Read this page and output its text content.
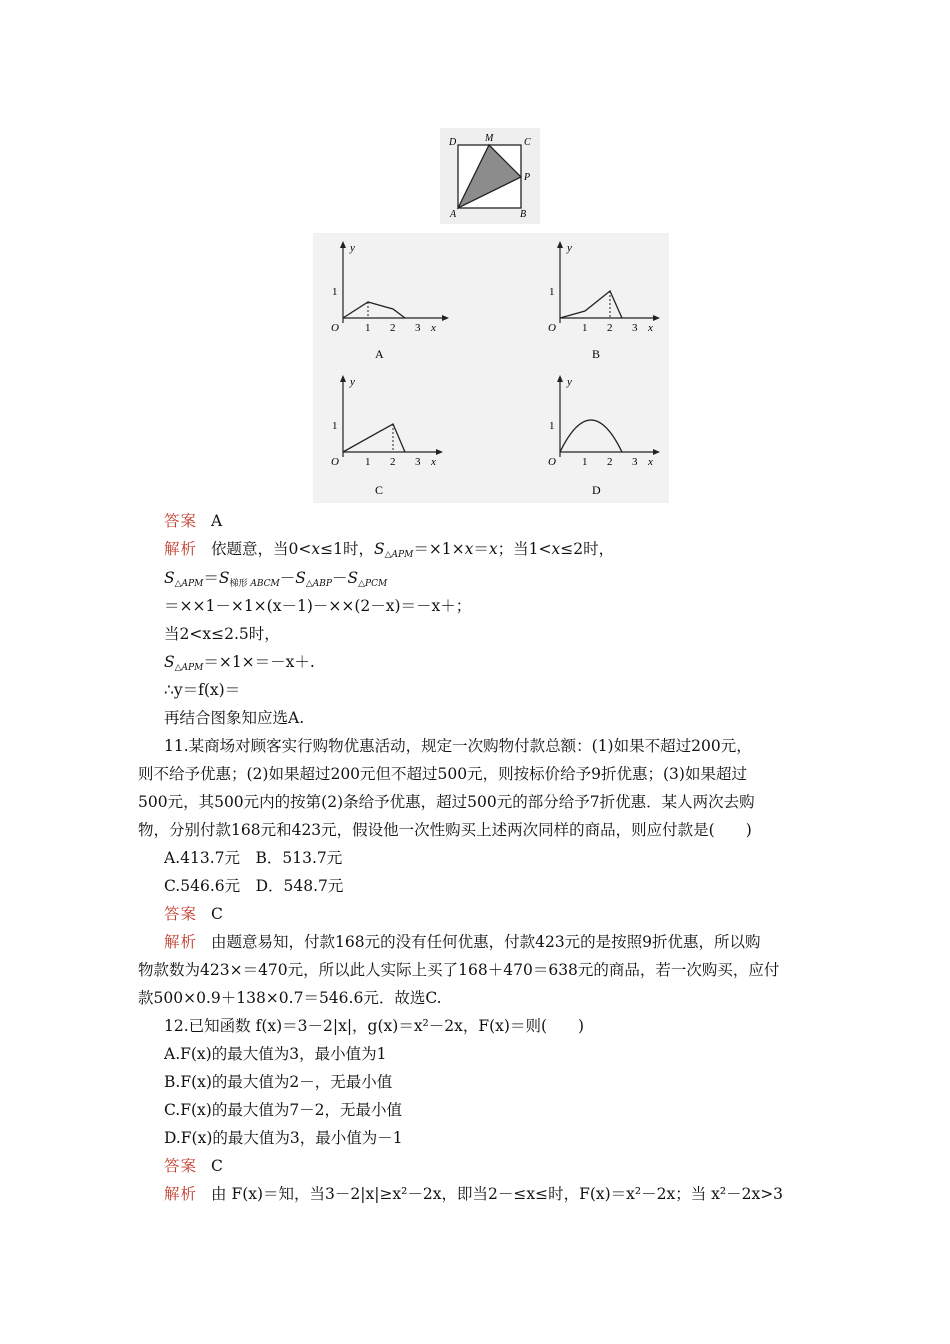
D	M	C
P
A	B
y
1
O 1 2 3 x
A
y
1
O 1 2 3 x
B
y
1
O 1 2 3 x
C
y
1
O 1 2 3 x
D
答案 A
解析 依题意，当0<x≤1时，$S_{\triangle APM}=\times 1\times x=x$；当1<x≤2时，
$S_{\triangle APM}=S_{梯形 ABCM}-S_{\triangle ABP}-S_{\triangle PCM}$
＝××1－×1×(x－1)－××(2－x)＝－x＋；
当2<x≤2.5时，
$S_{\triangle APM}=\times 1\times=-x+$.
∴y＝f(x)＝
再结合图象知应选A.
11.某商场对顾客实行购物优惠活动，规定一次购物付款总额：(1)如果不超过200元，
则不给予优惠；(2)如果超过200元但不超过500元，则按标价给予9折优惠；(3)如果超过
500元，其500元内的按第(2)条给予优惠，超过500元的部分给予7折优惠．某人两次去购
物，分别付款168元和423元，假设他一次性购买上述两次同样的商品，则应付款是(　　)
A.413.7元　B．513.7元
C.546.6元　D．548.7元
答案 C
解析 由题意易知，付款168元的没有任何优惠，付款423元的是按照9折优惠，所以购
物款数为423×＝470元，所以此人实际上买了168＋470＝638元的商品，若一次购买，应付
款500×0.9＋138×0.7＝546.6元．故选C.
12.已知函数 f(x)＝3－2|x|，g(x)＝x²－2x，F(x)＝则(　　)
A.F(x)的最大值为3，最小值为1
B.F(x)的最大值为2－，无最小值
C.F(x)的最大值为7－2，无最小值
D.F(x)的最大值为3，最小值为－1
答案 C
解析 由 F(x)＝知，当3－2|x|≥x²－2x，即当2－≤x≤时，F(x)＝x²－2x；当 x²－2x>3
